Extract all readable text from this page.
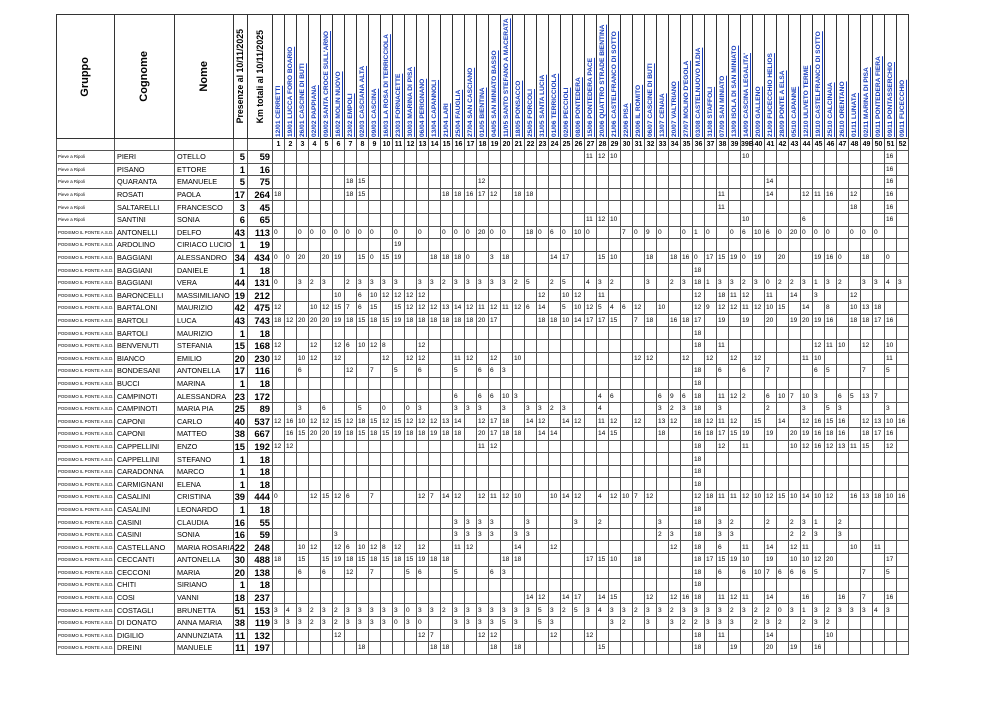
Gruppo	Cognome	Nome	Presenze al 10/11/2025	Km totali al 10/11/2025	12/01 CERRETTI	19/01 LUCCA FORO BOARIO	26/01 CASCINE DI BUTI	02/02 PAPPIANA	09/02 SANTA CROCE SULL'ARNO	16/02 MOLIN NUOVO	23/02 EMPOLI	02/03 CASCIANA ALTA	09/03 CASCINA	16/03 LA ROSA DI TERRICCIOLA	23/03 FORNACETTE	30/03 MARINA DI PISA	06/04 PERIGNANO	13/04 CAPANNOLI	21/04 LARI	25/04 FAUGLIA	27/04 SAN CASCIANO	01/05 BIENTINA	04/05 SAN MINIATO BASSO	11/05 SANTO STEFANO A MACERATA	18/05 PONSACCO	25/05 FORCOLI	31/05 SANTA LUCIA	01/06 TERRICCIOLA	02/06 PECCIOLI	08/06 PONTEDERA	15/06 PONTEDERA PACE	20/06 QUATTRO STRADE BIENTINA	21/06 CASTELFRANCO DI SOTTO	22/06 PISA	29/06 IL ROMITO	06/07 CASCINE DI BUTI	13/07 CENAIA	20/07 VALTRIANO	27/07 MOLINO D'EGOLA	03/08 CASTELNUOVO M.DIA	31/08 STAFFOLI	07/09 SAN MINIATO	13/09 ISOLA DI SAN MINIATO	14/09 CASCINA LEGALITA'	20/09 GALLENO	21/09 FUCECCHIO HELIOS	28/09 PONTE A ELSA	05/10 CAPANNE	12/10 ULIVETO TERME	19/10 CASTELFRANCO DI SOTTO	25/10 CALCINAIA	26/10 ORENTANO	01/11 LUNATA	02/11 MARINA DI PISA	09/11 PONTEDERA FIERA	09/11 PONTASSERCHIO	09/11 FUCECCHIO

					1	2	3	4	5	6	7	8	9	10	11	12	13	14	15	16	17	18	19	20	21	22	23	24	25	26	27	28	29	30	31	32	33	34	35	36	37	38	39	39B	40	41	42	43	44	45	46	47	48	49	50	51	52
Pieve a Ripoli	PIERI	OTELLO	5	59																											11	12	10											10												16	
Pieve a Ripoli	PISANO	ETTORE	1	16																																																				16	
Pieve a Ripoli	QUARANTA	EMANUELE	5	75							18	15										12																								14										16	
Pieve a Ripoli	ROSATI	PAOLA	17	264	18						18	15							18	18	16	17	12		18	18																11				14			12	11	16		12			16	
Pieve a Ripoli	SALTARELLI	FRANCESCO	3	45																																						11											18			16	
Pieve a Ripoli	SANTINI	SONIA	6	65																											11	12	10											10					6							16	
PODISMO IL PONTE A.S.D.	ANTONELLI	DELFO	43	113	0		0	0	0	0	0	0	0		0		0		0	0	0	20	0	0		18	0	6	0	10	0			7	0	9	0		0	1	0		0	6	10	6	0	20	0	0	0		0	0	0		
PODISMO IL PONTE A.S.D.	ARDOLINO	CIRIACO LUCIO	1	19											19																																										
PODISMO IL PONTE A.S.D.	BAGGIANI	ALESSANDRO	34	434	0	0	20		20	19		15	0	15	19			18	18	18	0		3	18				14	17			15	10			18		18	16	0	17	15	19	0	19		20			19	16	0		18		0	
PODISMO IL PONTE A.S.D.	BAGGIANI	DANIELE	1	18																																				18																	
PODISMO IL PONTE A.S.D.	BAGGIANI	VERA	44	131	0		3	2	3		2	3	3	3	3		3	3	2	3	3	3	3	3	2	5		2	5		4	3	2			3		2	3	18	1	3	3	2	3	0	2	2	3	1	3	2		3	3	4	3
PODISMO IL PONTE A.S.D.	BARONCELLI	MASSIMILIANO	19	212						10		6	10	12	12	12	12										12		10	12		11								12		18	11	12		11		14		3			12				
PODISMO IL PONTE A.S.D.	BARTALONI	MAURIZIO	42	475	12			10	12	15	7	6	15		15	12	12	12	13	14	12	11	12	11	12	6	14		5	10	12	5	4	6	12		10			12	9	12	12	11	12	10	15		14		8		10	13	18		
PODISMO IL PONTE A.S.D.	BARTOLI	LUCA	43	743	18	12	20	20	20	19	18	15	18	15	19	18	18	18	18	18	18	20	17				18	18	10	14	17	17	15		7	18		16	18	17		19		19		20		19	20	19	16		18	18	17	16	
PODISMO IL PONTE A.S.D.	BARTOLI	MAURIZIO	1	18																																				18																	
PODISMO IL PONTE A.S.D.	BENVENUTI	STEFANIA	15	168	12			12		12	6	10	12	8			12																							18		11								12	11	10		12		10	
PODISMO IL PONTE A.S.D.	BIANCO	EMILIO	20	230	12		10	12		12				12		12	12			11	12		12		10										12	12			12		12		12		12				11	10						11	
PODISMO IL PONTE A.S.D.	BONDESANI	ANTONELLA	17	116			6				12		7		5		6			5		6	6	3																18		6		6		7				6	5			7		5	
PODISMO IL PONTE A.S.D.	BUCCI	MARINA	1	18																																				18																	
PODISMO IL PONTE A.S.D.	CAMPINOTI	ALESSANDRA	23	172																6		6	6	10	3							4	6				6	9	6	18		11	12	2		6	10	7	10	3		6	5	13	7		
PODISMO IL PONTE A.S.D.	CAMPINOTI	MARIA PIA	25	89			3		6			5		0		0	3			3	3	3		3		3	3	2	3			4					3	2	3	18		3				2			3		5	3				3	
PODISMO IL PONTE A.S.D.	CAPONI	CARLO	40	537	12	16	10	12	12	15	12	18	15	12	15	12	12	12	13	14		12	17	18		14	12		14	12		11	12		12		13	12		18	12	11	12		15		14		12	16	15	16		12	13	10	16
PODISMO IL PONTE A.S.D.	CAPONI	MATTEO	38	667		16	15	20	20	19	18	15	18	15	19	18	18	19	18	18		20	17	18	18		14	14				14	15				18			16	18	17	15	19		19		20	19	16	18	16		18	17	16	
PODISMO IL PONTE A.S.D.	CAPPELLINI	ENZO	15	192	12	12																11	12																	18		12		11				10	12	16	12	13	11	15		12	
PODISMO IL PONTE A.S.D.	CAPPELLINI	STEFANO	1	18																																				18																	
PODISMO IL PONTE A.S.D.	CARADONNA	MARCO	1	18																																				18																	
PODISMO IL PONTE A.S.D.	CARMIGNANI	ELENA	1	18																																				18																	
PODISMO IL PONTE A.S.D.	CASALINI	CRISTINA	39	444	0			12	15	12	6		7				12	7	14	12		12	11	12	10			10	14	12		4	12	10	7	12				12	18	11	11	12	10	12	15	10	14	10	12		16	13	18	10	16
PODISMO IL PONTE A.S.D.	CASALINI	LEONARDO	1	18																																				18																	
PODISMO IL PONTE A.S.D.	CASINI	CLAUDIA	16	55																3	3	3	3			3				3		2					3			18		3	2			2		2	3	1		2					
PODISMO IL PONTE A.S.D.	CASINI	SONIA	16	59						3										3	3	3	3		3	3											2	3		18		3	3					2	2	3		3					
PODISMO IL PONTE A.S.D.	CASTELLANO	MARIA ROSARIA	22	248			10	12		12	6	10	12	8	12		12			11	12				14			12										12		18		6		11		14		12	11				10		11		
PODISMO IL PONTE A.S.D.	CECCANTI	ANTONELLA	30	488	18		15		15	19	18	15	18	15	18	15	19	18	18					18	18						17	15	10		18					18	17	15	19	10		19		10	10	12	20					17	
PODISMO IL PONTE A.S.D.	CECCONI	MARIA	20	138			6		6		12		7			5	6			5			6	3																18		6		6	10	7	6	6	6	5				7		5	
PODISMO IL PONTE A.S.D.	CHITI	SIRIANO	1	18																																				18																	
PODISMO IL PONTE A.S.D.	COSI	VANNI	18	237																						14	12		14	17		14	15			12		12	16	18		11	12	11		14			16			16		7		16	
PODISMO IL PONTE A.S.D.	COSTAGLI	BRUNETTA	51	153	3	4	3	2	3	2	3	3	3	3	3	0	3	3	2	3	3	3	3	3	3	3	5	3	2	5	3	4	3	3	2	3	3	2	3	3	3	3	2	3	2	2	0	3	1	3	2	3	3	3	4	3	
PODISMO IL PONTE A.S.D.	DI DONATO	ANNA MARIA	38	119	3	3	3	2	3	2	3	3	3	3	0	3	0			3	3	3	3	5	3		5	3					3	2		3		3	2	2	3	3	3		2	3	2		2	3	2						
PODISMO IL PONTE A.S.D.	DIGILIO	ANNUNZIATA	11	132						12							12	7				12	12					12			12									18		11				14					10						
PODISMO IL PONTE A.S.D.	DREINI	MANUELE	11	197								18						18	18				18		18							15								18			19			20		19		16							
